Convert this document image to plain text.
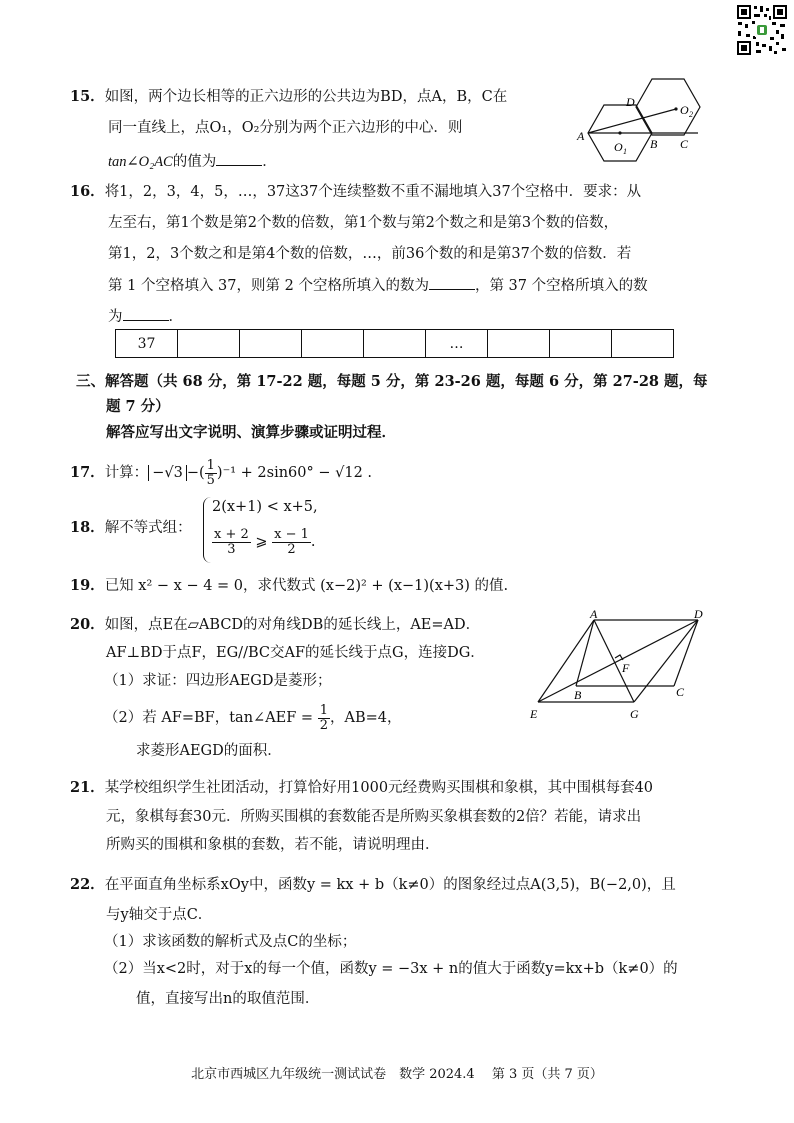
15．如图，两个边长相等的正六边形的公共边为BD，点A，B，C在
同一直线上，点O₁，O₂分别为两个正六边形的中心．则
tan∠O₂AC的值为	．
A
D
B C
O 1
O 2
16．将1，2，3，4，5，…，37这37个连续整数不重不漏地填入37个空格中．要求：从
左至右，第1个数是第2个数的倍数，第1个数与第2个数之和是第3个数的倍数，
第1，2，3个数之和是第4个数的倍数，…，前36个数的和是第37个数的倍数．若
第 1 个空格填入 37，则第 2 个空格所填入的数为	，第 37 个空格所填入的数
为	．
37					…			
三、解答题（共 68 分，第 17-22 题，每题 5 分，第 23-26 题，每题 6 分，第 27-28 题，每
题 7 分）
解答应写出文字说明、演算步骤或证明过程．
17．计算： −√3 −( $\frac{1}{5} )^{-1} + 2\sin 60^\circ - √12$ .
18．解不等式组：
2(x+1) < x+5,
$\frac{x + 2}{3}$ ⩾ $\frac{x - 1}{2}$ .
19．已知 x² − x − 4 = 0，求代数式 (x−2)² + (x−1)(x+3) 的值.
20．如图，点E在▱ABCD的对角线DB的延长线上，AE=AD．
AF⊥BD于点F，EG//BC交AF的延长线于点G，连接DG．
（1）求证：四边形AEGD是菱形；
（2）若 AF=BF，tan∠AEF = $\frac{1}{2}$ ，AB=4，
求菱形AEGD的面积．
A	D
F
B	C
E	G
21．某学校组织学生社团活动，打算恰好用1000元经费购买围棋和象棋，其中围棋每套40
元，象棋每套30元．所购买围棋的套数能否是所购买象棋套数的2倍？若能，请求出
所购买的围棋和象棋的套数，若不能，请说明理由．
22．在平面直角坐标系xOy中，函数y = kx + b（k≠0）的图象经过点A(3,5)，B(−2,0)，且
与y轴交于点C．
（1）求该函数的解析式及点C的坐标；
（2）当x<2时，对于x的每一个值，函数y = −3x + n的值大于函数y=kx+b（k≠0）的
值，直接写出n的取值范围．
北京市西城区九年级统一测试试卷　数学 2024.4　 第 3 页（共 7 页）
